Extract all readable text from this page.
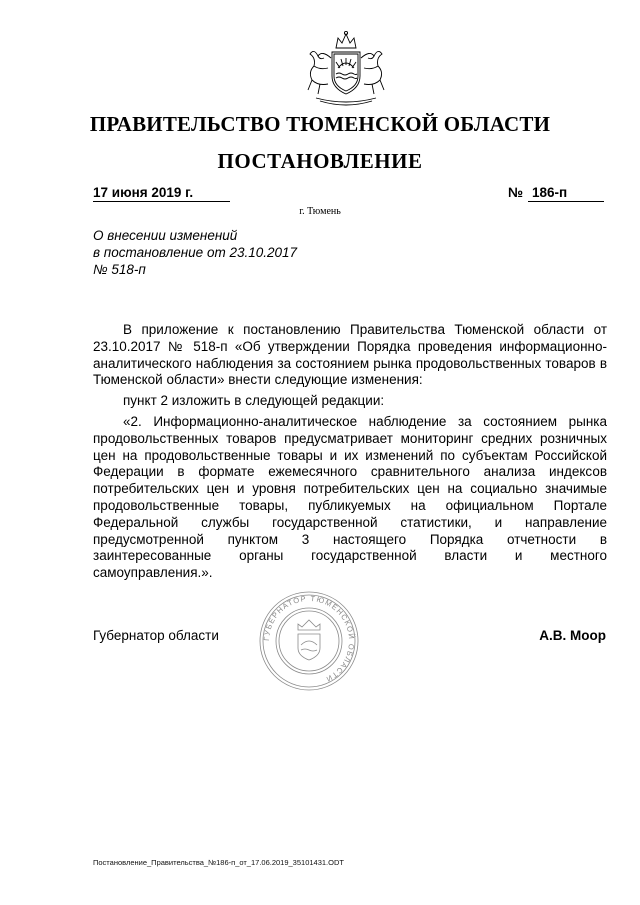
ПРАВИТЕЛЬСТВО ТЮМЕНСКОЙ ОБЛАСТИ
ПОСТАНОВЛЕНИЕ
17 июня 2019 г.	№ 186-п
г. Тюмень
О внесении изменений
в постановление от 23.10.2017
№ 518-п

В приложение к постановлению Правительства Тюменской области от 23.10.2017 № 518-п «Об утверждении Порядка проведения информационно-аналитического наблюдения за состоянием рынка продовольственных товаров в Тюменской области» внести следующие изменения:

пункт 2 изложить в следующей редакции:

«2. Информационно-аналитическое наблюдение за состоянием рынка продовольственных товаров предусматривает мониторинг средних розничных цен на продовольственные товары и их изменений по субъектам Российской Федерации в формате ежемесячного сравнительного анализа индексов потребительских цен и уровня потребительских цен на социально значимые продовольственные товары, публикуемых на официальном Портале Федеральной службы государственной статистики, и направление предусмотренной пунктом 3 настоящего Порядка отчетности в заинтересованные органы государственной власти и местного самоуправления.».

Губернатор области	ГУБЕРНАТОР ТЮМЕНСКОЙ ОБЛАСТИ
А.В. Моор
Постановление_Правительства_№186-п_от_17.06.2019_35101431.ODT
